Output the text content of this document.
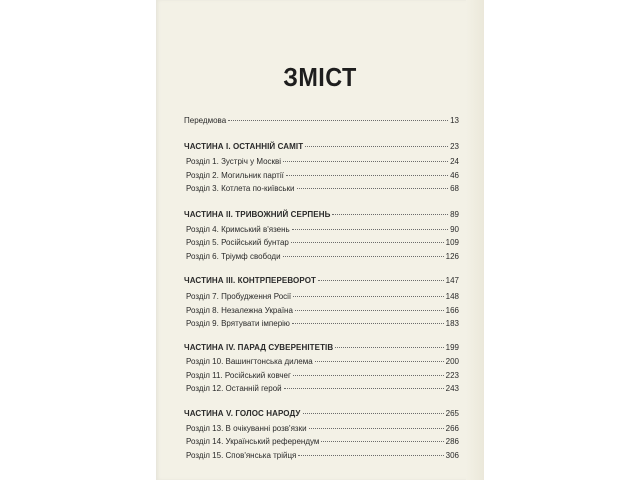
ЗМІСТ
Передмова	13
ЧАСТИНА I. ОСТАННІЙ САМІТ	23
Розділ 1. Зустріч у Москві	24
Розділ 2. Могильник партії	46
Розділ 3. Котлета по-київськи	68
ЧАСТИНА II. ТРИВОЖНИЙ СЕРПЕНЬ	89
Розділ 4. Кримський в'язень	90
Розділ 5. Російський бунтар	109
Розділ 6. Тріумф свободи	126
ЧАСТИНА III. КОНТРПЕРЕВОРОТ	147
Розділ 7. Пробудження Росії	148
Розділ 8. Незалежна Україна	166
Розділ 9. Врятувати імперію	183
ЧАСТИНА IV. ПАРАД СУВЕРЕНІТЕТІВ	199
Розділ 10. Вашингтонська дилема	200
Розділ 11. Російський ковчег	223
Розділ 12. Останній герой	243
ЧАСТИНА V. ГОЛОС НАРОДУ	265
Розділ 13. В очікуванні розв'язки	266
Розділ 14. Український референдум	286
Розділ 15. Спов'янська трійця	306
